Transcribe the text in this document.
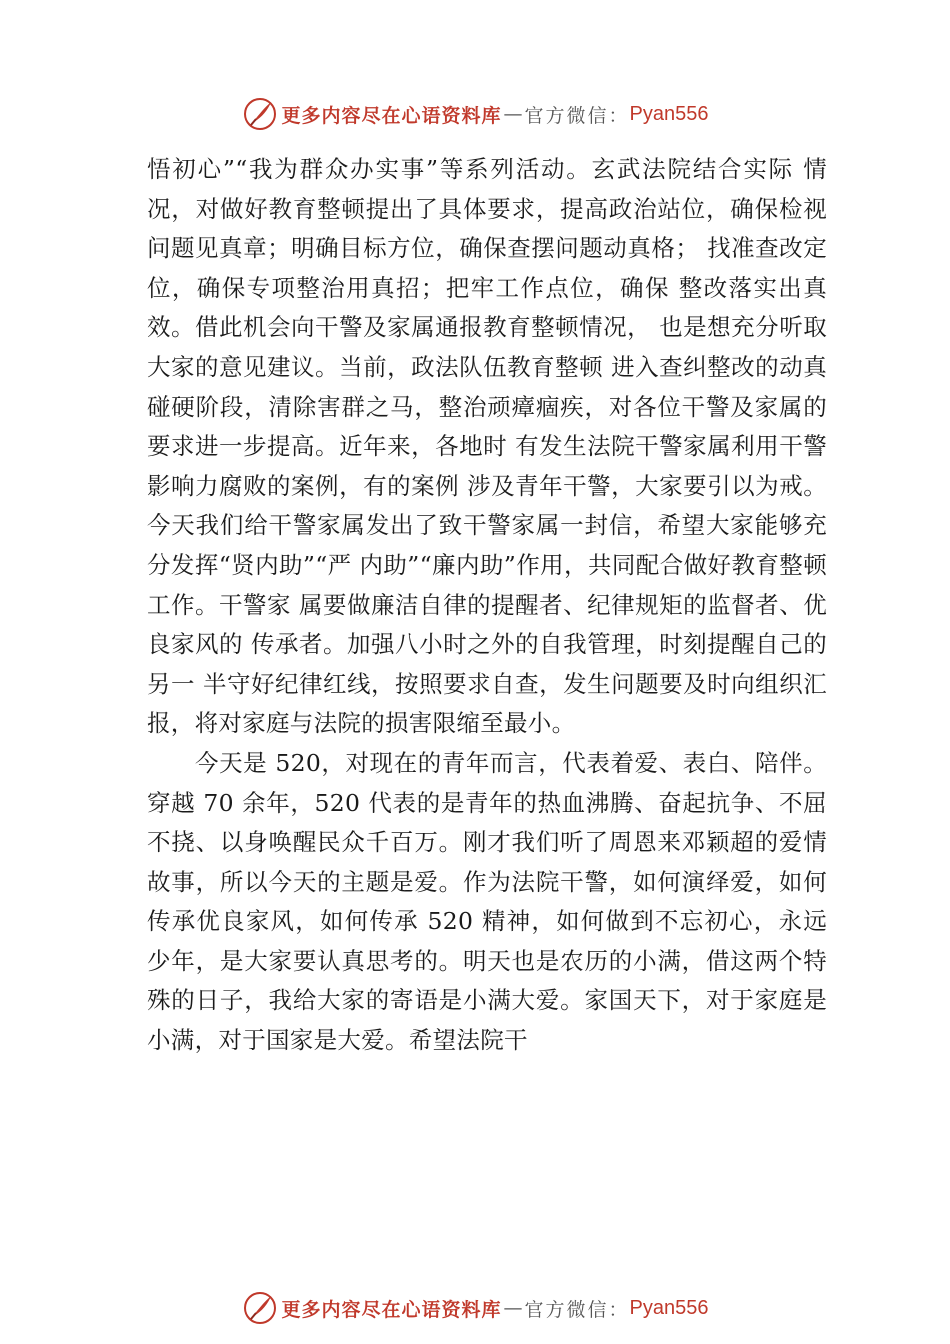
更多内容尽在心语资料库 — 官方微信： Pyan556

悟初心”“我为群众办实事”等系列活动。玄武法院结合实际 情况，对做好教育整顿提出了具体要求，提高政治站位，确保检视问题见真章；明确目标方位，确保查摆问题动真格； 找准查改定位，确保专项整治用真招；把牢工作点位，确保 整改落实出真效。借此机会向干警及家属通报教育整顿情况， 也是想充分听取大家的意见建议。当前，政法队伍教育整顿 进入查纠整改的动真碰硬阶段，清除害群之马，整治顽瘴痼疾，对各位干警及家属的要求进一步提高。近年来，各地时 有发生法院干警家属利用干警影响力腐败的案例，有的案例 涉及青年干警，大家要引以为戒。今天我们给干警家属发出了致干警家属一封信，希望大家能够充分发挥“贤内助”“严 内助”“廉内助”作用，共同配合做好教育整顿工作。干警家 属要做廉洁自律的提醒者、纪律规矩的监督者、优良家风的 传承者。加强八小时之外的自我管理，时刻提醒自己的另一 半守好纪律红线，按照要求自查，发生问题要及时向组织汇 报，将对家庭与法院的损害限缩至最小。

今天是 520，对现在的青年而言，代表着爱、表白、陪伴。穿越 70 余年，520 代表的是青年的热血沸腾、奋起抗争、不屈不挠、以身唤醒民众千百万。刚才我们听了周恩来邓颖超的爱情故事，所以今天的主题是爱。作为法院干警，如何演绎爱，如何传承优良家风，如何传承 520 精神，如何做到不忘初心，永远少年，是大家要认真思考的。明天也是农历的小满，借这两个特殊的日子，我给大家的寄语是小满大爱。家国天下，对于家庭是小满，对于国家是大爱。希望法院干

更多内容尽在心语资料库 — 官方微信： Pyan556
